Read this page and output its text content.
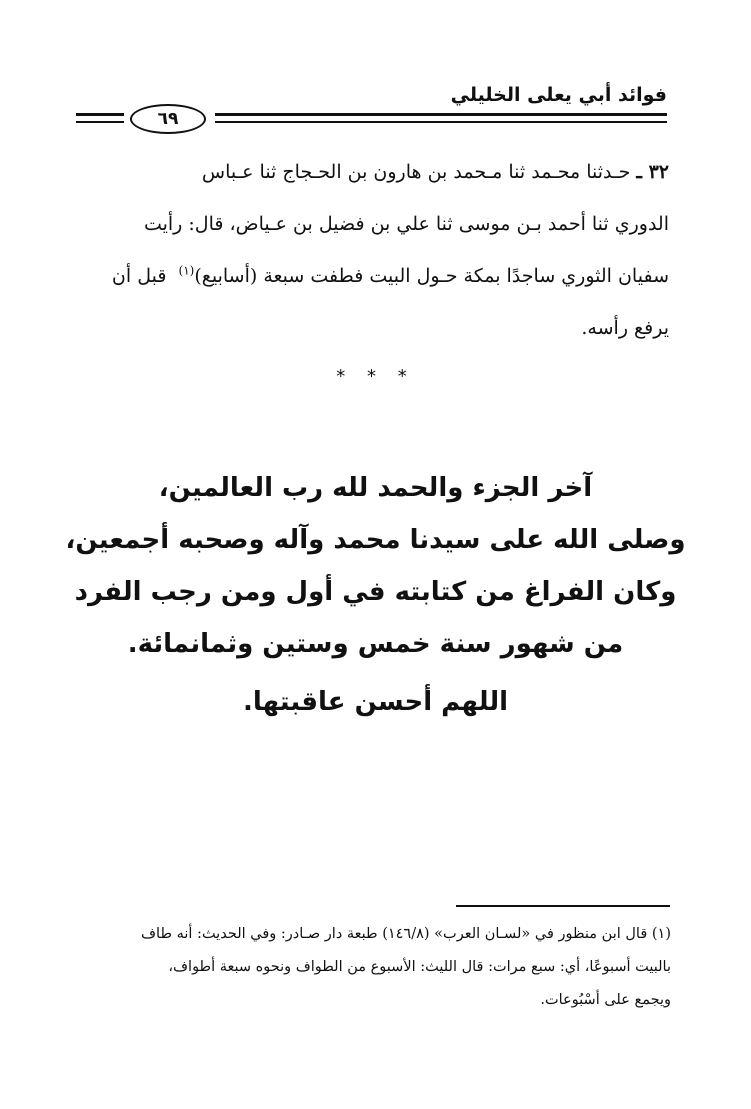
فوائد أبي يعلى الخليلي
٦٩

٣٢ ـ حـدثنا محـمد ثنا مـحمد بن هارون بن الحـجاج ثنا عـباس

الدوري ثنا أحمد بـن موسى ثنا علي بن فضيل بن عـياض، قال: رأيت

سفيان الثوري ساجدًا بمكة حـول البيت فطفت سبعة (أسابيع)$^{(١)}$  قبل أن

يرفع رأسه.

* * *

آخر الجزء والحمد لله رب العالمين،

وصلى الله على سيدنا محمد وآله وصحبه أجمعين،

وكان الفراغ من كتابته في أول ومن رجب الفرد

من شهور سنة خمس وستين وثمانمائة.

اللهم أحسن عاقبتها.

(١) قال ابن منظور في «لسـان العرب» (١٤٦/٨) طبعة دار صـادر: وفي الحديث: أنه طاف

بالبيت أسبوعًا، أي: سبع مرات: قال الليث: الأسبوع من الطواف ونحوه سبعة أطواف،

ويجمع على أسْبُوعات.
